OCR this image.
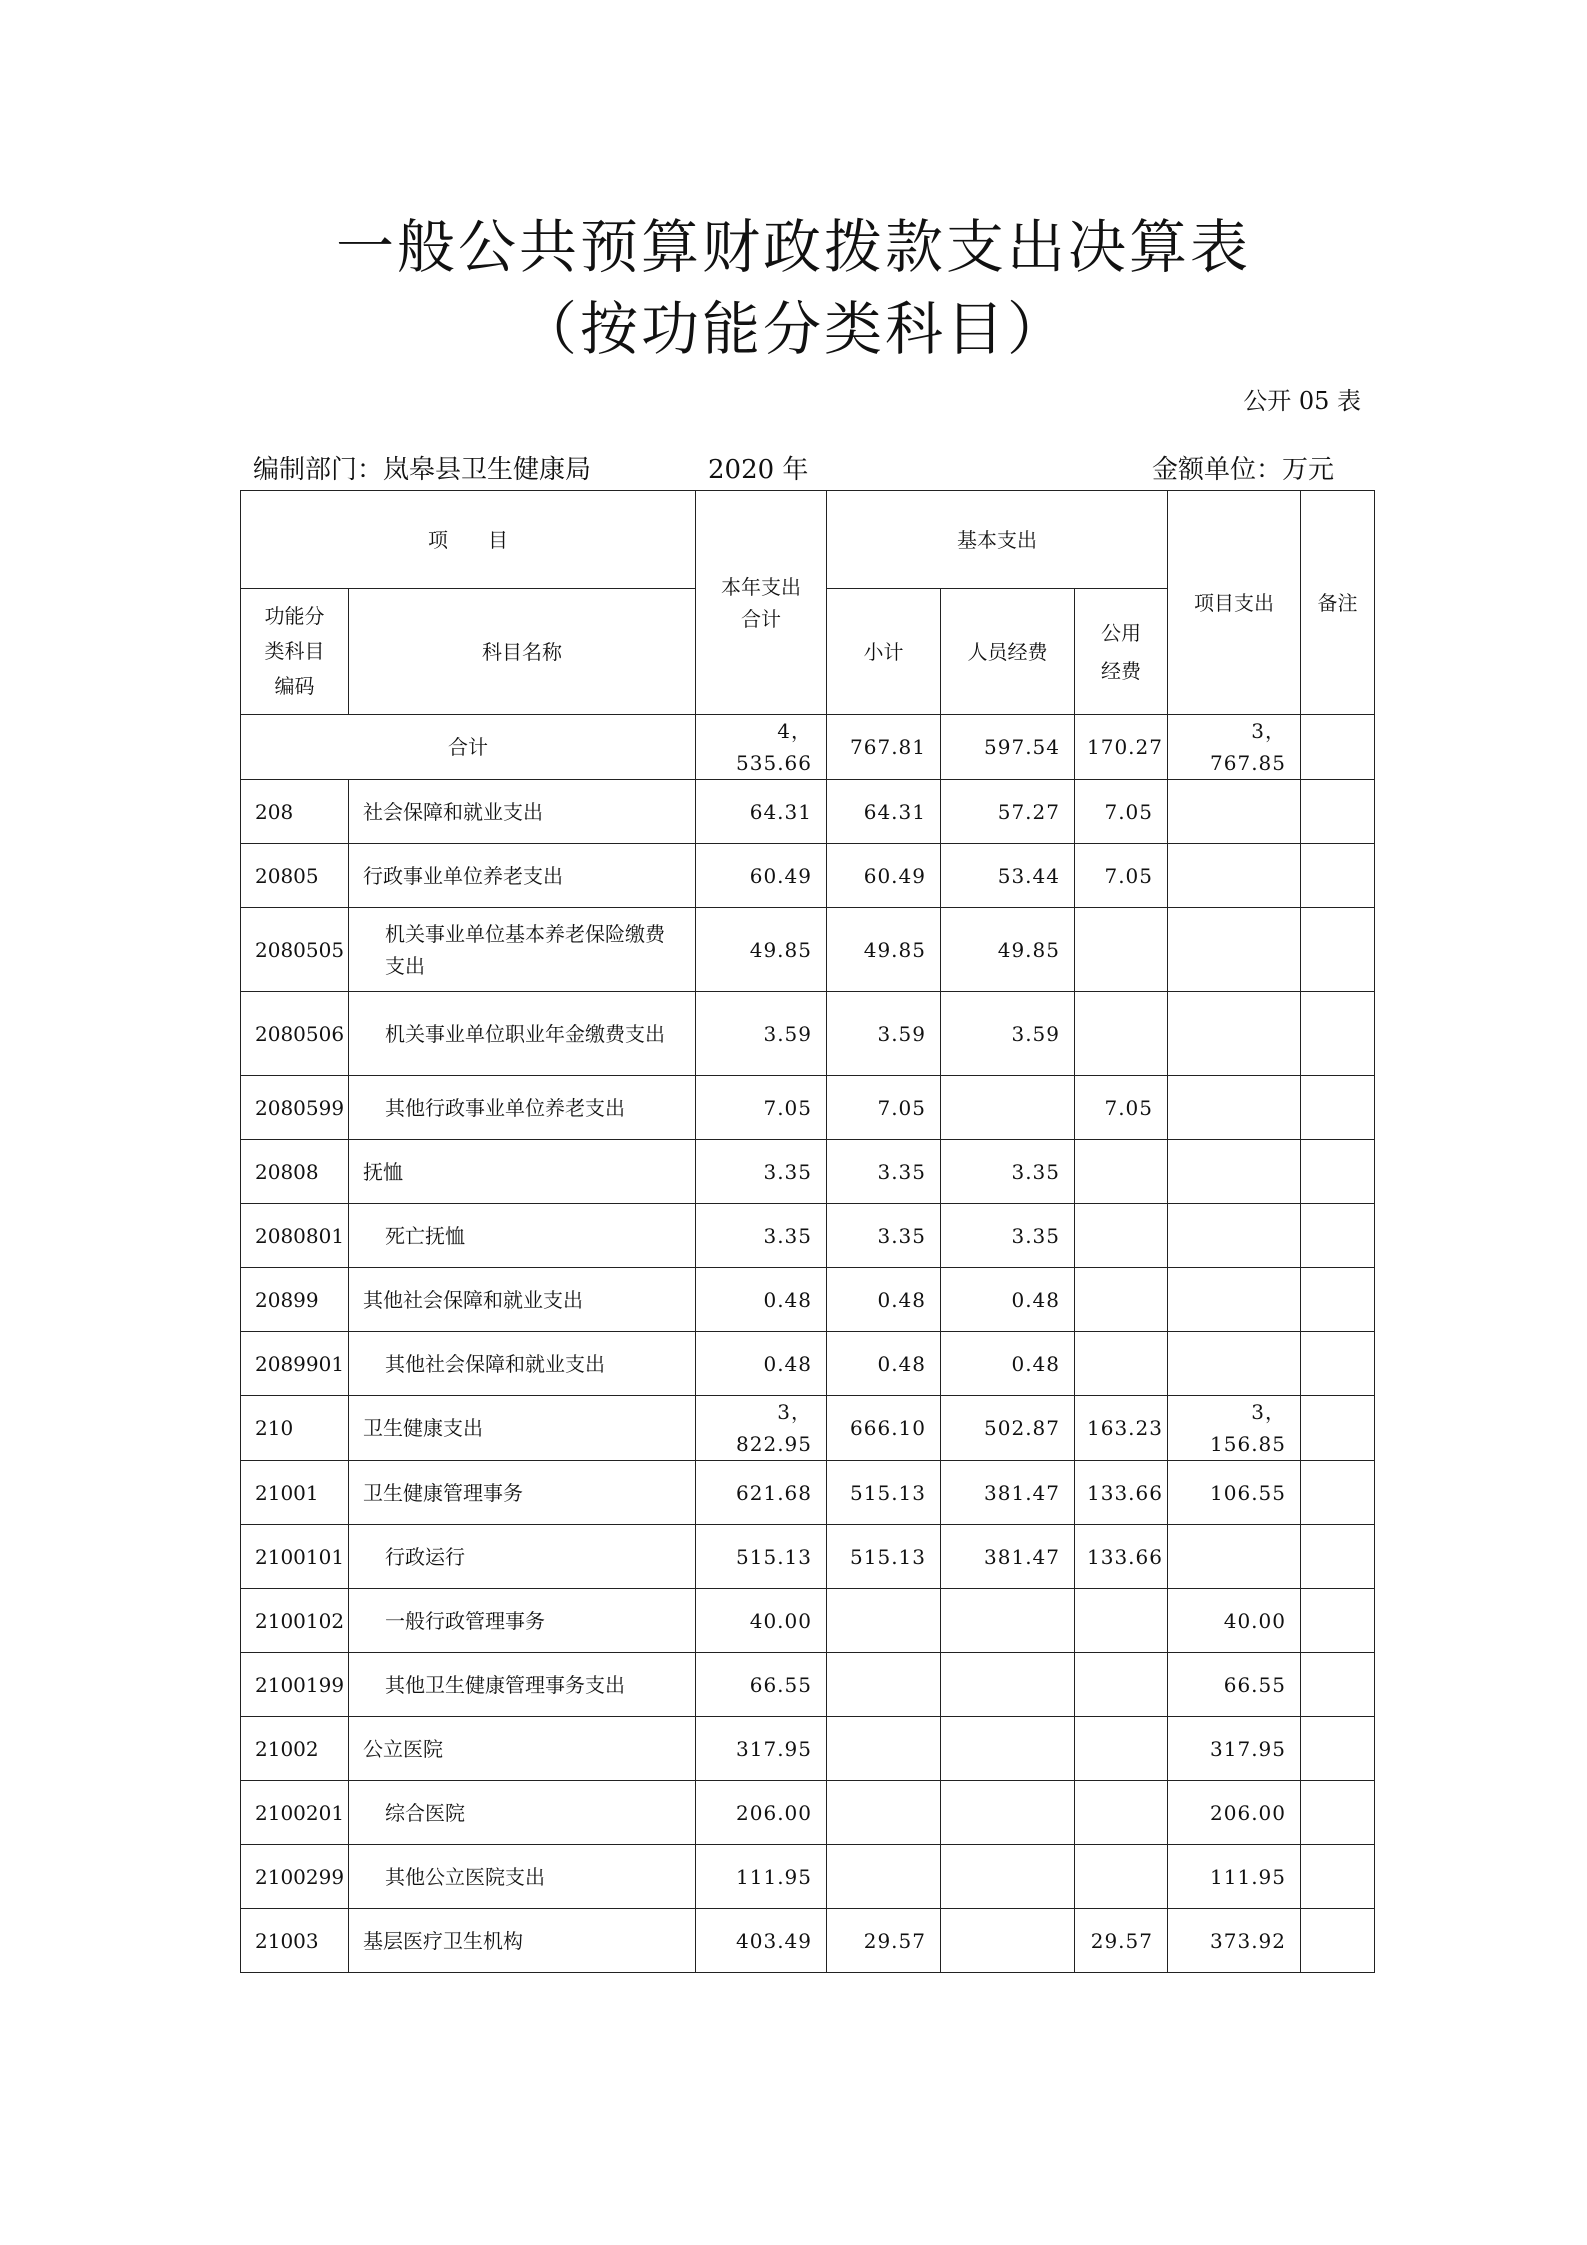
一般公共预算财政拨款支出决算表
（按功能分类科目）
公开 05 表
编制部门：岚皋县卫生健康局	2020 年	金额单位：万元
项　　目		本年支出合计	基本支出			项目支出	备注
功能分类科目编码	科目名称		小计	人员经费	公用经费		
合计		4，535.66	767.81	597.54	170.27	3，767.85	
208	社会保障和就业支出	64.31	64.31	57.27	7.05		
20805	行政事业单位养老支出	60.49	60.49	53.44	7.05		
2080505	机关事业单位基本养老保险缴费支出	49.85	49.85	49.85			
2080506	机关事业单位职业年金缴费支出	3.59	3.59	3.59			
2080599	其他行政事业单位养老支出	7.05	7.05		7.05		
20808	抚恤	3.35	3.35	3.35			
2080801	死亡抚恤	3.35	3.35	3.35			
20899	其他社会保障和就业支出	0.48	0.48	0.48			
2089901	其他社会保障和就业支出	0.48	0.48	0.48			
210	卫生健康支出	3，822.95	666.10	502.87	163.23	3，156.85	
21001	卫生健康管理事务	621.68	515.13	381.47	133.66	106.55	
2100101	行政运行	515.13	515.13	381.47	133.66		
2100102	一般行政管理事务	40.00				40.00	
2100199	其他卫生健康管理事务支出	66.55				66.55	
21002	公立医院	317.95				317.95	
2100201	综合医院	206.00				206.00	
2100299	其他公立医院支出	111.95				111.95	
21003	基层医疗卫生机构	403.49	29.57		29.57	373.92	
